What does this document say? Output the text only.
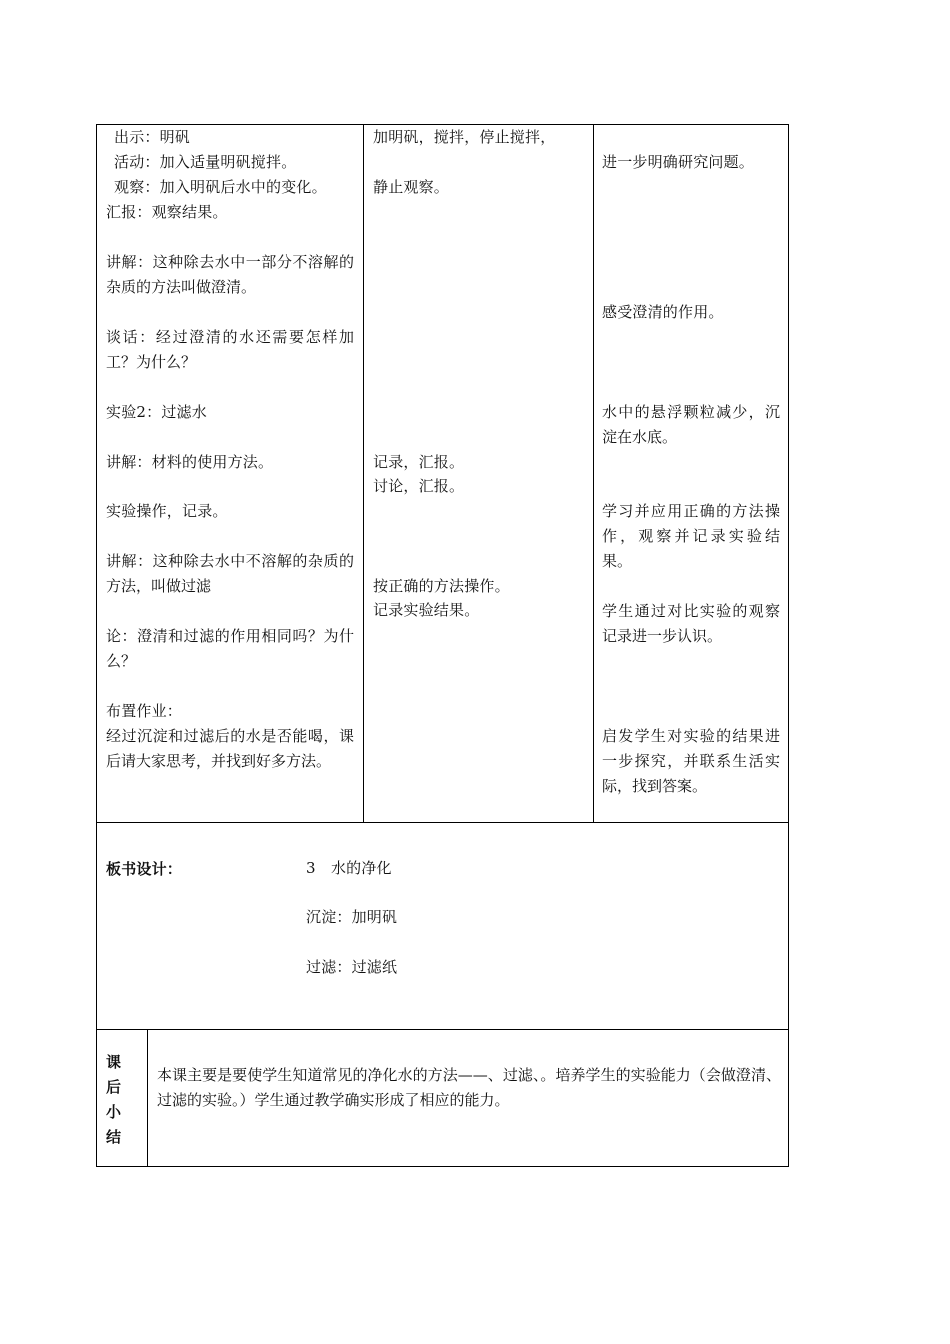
出示：明矾
活动：加入适量明矾搅拌。
观察：加入明矾后水中的变化。
汇报：观察结果。
讲解：这种除去水中一部分不溶解的杂质的方法叫做澄清。
谈话：经过澄清的水还需要怎样加工？为什么？
实验2：过滤水
讲解：材料的使用方法。
实验操作，记录。
讲解：这种除去水中不溶解的杂质的方法，叫做过滤
论：澄清和过滤的作用相同吗？为什么？
布置作业：
经过沉淀和过滤后的水是否能喝，课后请大家思考，并找到好多方法。
加明矾，搅拌，停止搅拌，
静止观察。
记录，汇报。
讨论，汇报。
按正确的方法操作。
记录实验结果。
进一步明确研究问题。
感受澄清的作用。
水中的悬浮颗粒减少，沉淀在水底。
学习并应用正确的方法操作，观察并记录实验结果。
学生通过对比实验的观察记录进一步认识。
启发学生对实验的结果进一步探究，并联系生活实际，找到答案。
板书设计：	3　水的净化
沉淀：加明矾
过滤：过滤纸
课
后
小
结
本课主要是要使学生知道常见的净化水的方法——、过滤、。培养学生的实验能力（会做澄清、过滤的实验。）学生通过教学确实形成了相应的能力。
